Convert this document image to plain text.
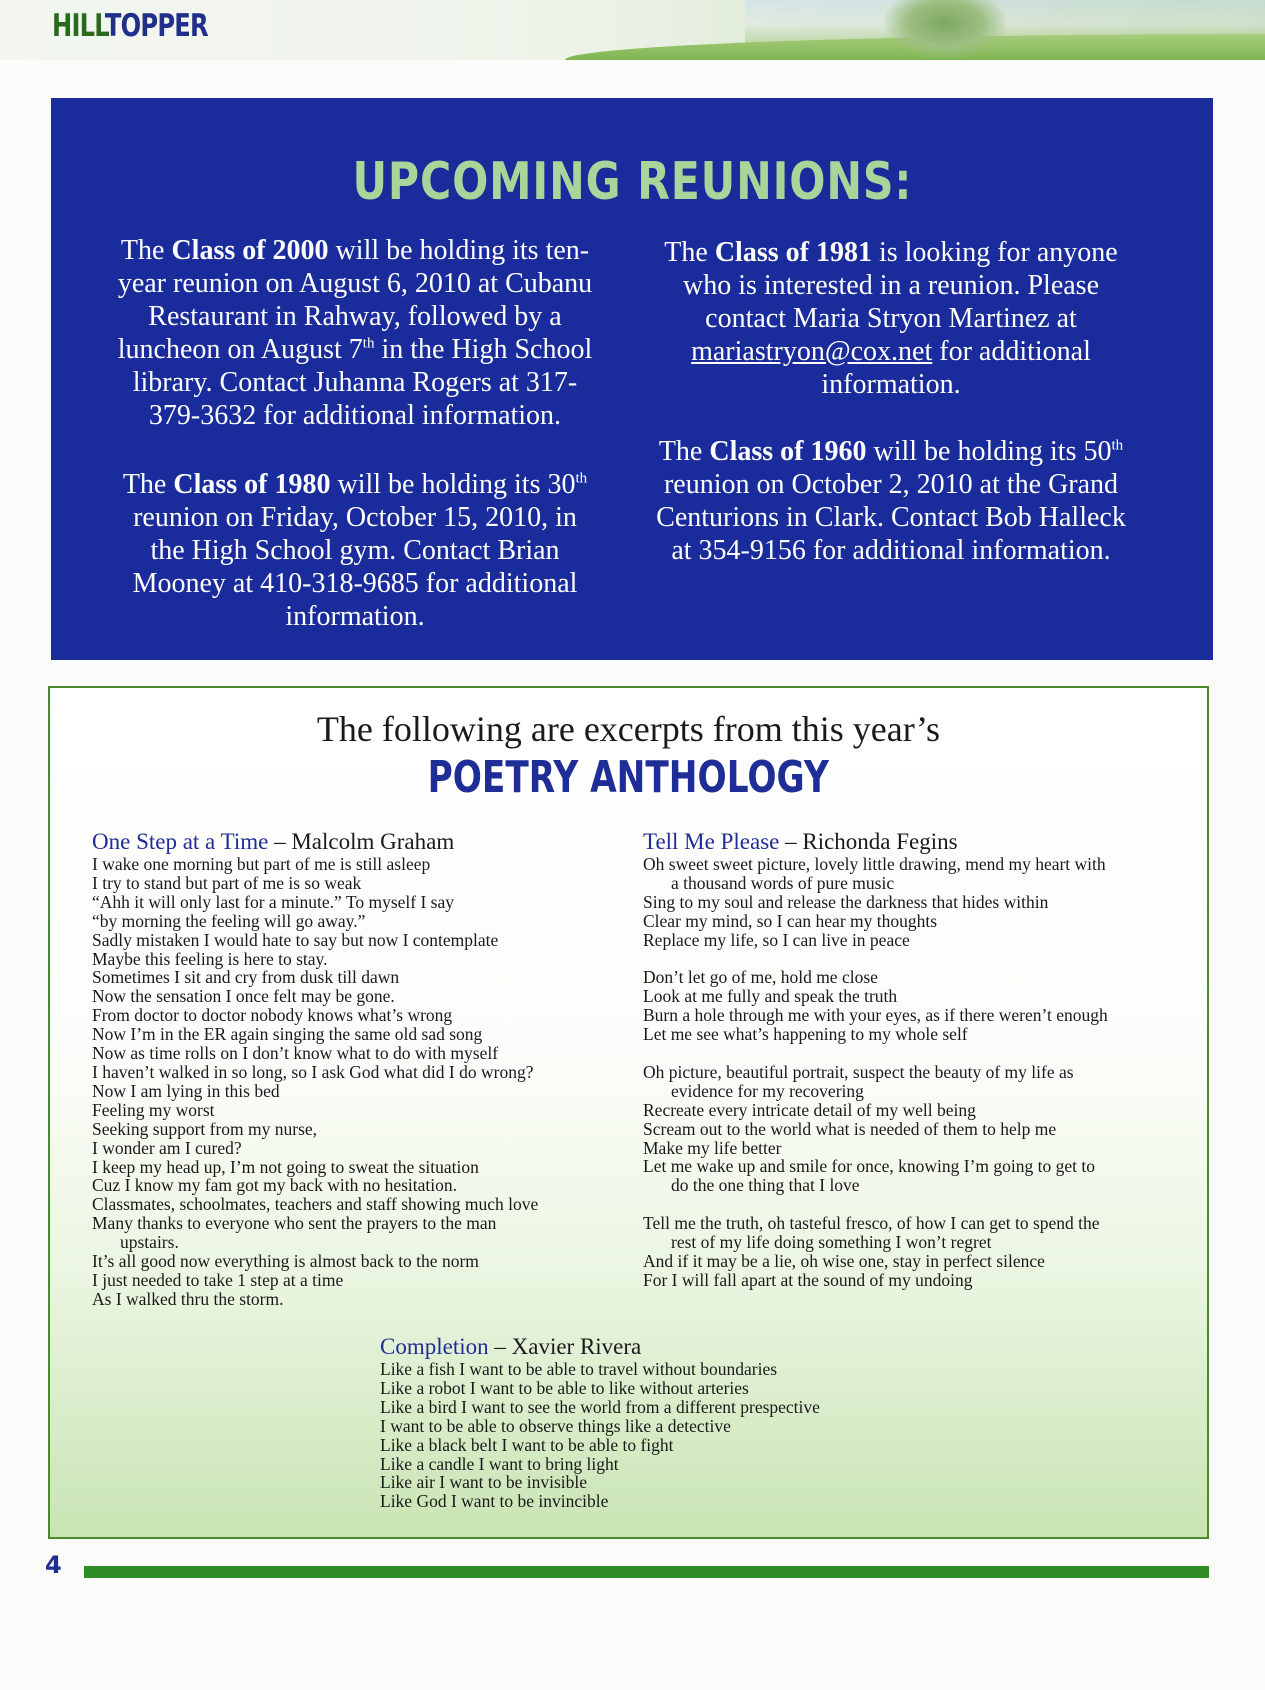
HILLTOPPER
UPCOMING REUNIONS:

The Class of 2000 will be holding its ten-year reunion on August 6, 2010 at Cubanu Restaurant in Rahway, followed by a luncheon on August 7th in the High School library. Contact Juhanna Rogers at 317-379-3632 for additional information.

The Class of 1980 will be holding its 30th reunion on Friday, October 15, 2010, in the High School gym. Contact Brian Mooney at 410-318-9685 for additional information.

The Class of 1981 is looking for anyone who is interested in a reunion. Please contact Maria Stryon Martinez at mariastryon@cox.net for additional information.

The Class of 1960 will be holding its 50th reunion on October 2, 2010 at the Grand Centurions in Clark. Contact Bob Halleck at 354-9156 for additional information.

The following are excerpts from this year’s
POETRY ANTHOLOGY
One Step at a Time – Malcolm Graham
I wake one morning but part of me is still asleep
I try to stand but part of me is so weak
“Ahh it will only last for a minute.” To myself I say
“by morning the feeling will go away.”
Sadly mistaken I would hate to say but now I contemplate
Maybe this feeling is here to stay.
Sometimes I sit and cry from dusk till dawn
Now the sensation I once felt may be gone.
From doctor to doctor nobody knows what’s wrong
Now I’m in the ER again singing the same old sad song
Now as time rolls on I don’t know what to do with myself
I haven’t walked in so long, so I ask God what did I do wrong?
Now I am lying in this bed
Feeling my worst
Seeking support from my nurse,
I wonder am I cured?
I keep my head up, I’m not going to sweat the situation
Cuz I know my fam got my back with no hesitation.
Classmates, schoolmates, teachers and staff showing much love
Many thanks to everyone who sent the prayers to the man
upstairs.
It’s all good now everything is almost back to the norm
I just needed to take 1 step at a time
As I walked thru the storm.
Tell Me Please – Richonda Fegins
Oh sweet sweet picture, lovely little drawing, mend my heart with
a thousand words of pure music
Sing to my soul and release the darkness that hides within
Clear my mind, so I can hear my thoughts
Replace my life, so I can live in peace
Don’t let go of me, hold me close
Look at me fully and speak the truth
Burn a hole through me with your eyes, as if there weren’t enough
Let me see what’s happening to my whole self
Oh picture, beautiful portrait, suspect the beauty of my life as
evidence for my recovering
Recreate every intricate detail of my well being
Scream out to the world what is needed of them to help me
Make my life better
Let me wake up and smile for once, knowing I’m going to get to
do the one thing that I love
Tell me the truth, oh tasteful fresco, of how I can get to spend the
rest of my life doing something I won’t regret
And if it may be a lie, oh wise one, stay in perfect silence
For I will fall apart at the sound of my undoing
Completion – Xavier Rivera
Like a fish I want to be able to travel without boundaries
Like a robot I want to be able to like without arteries
Like a bird I want to see the world from a different prespective
I want to be able to observe things like a detective
Like a black belt I want to be able to fight
Like a candle I want to bring light
Like air I want to be invisible
Like God I want to be invincible
4
